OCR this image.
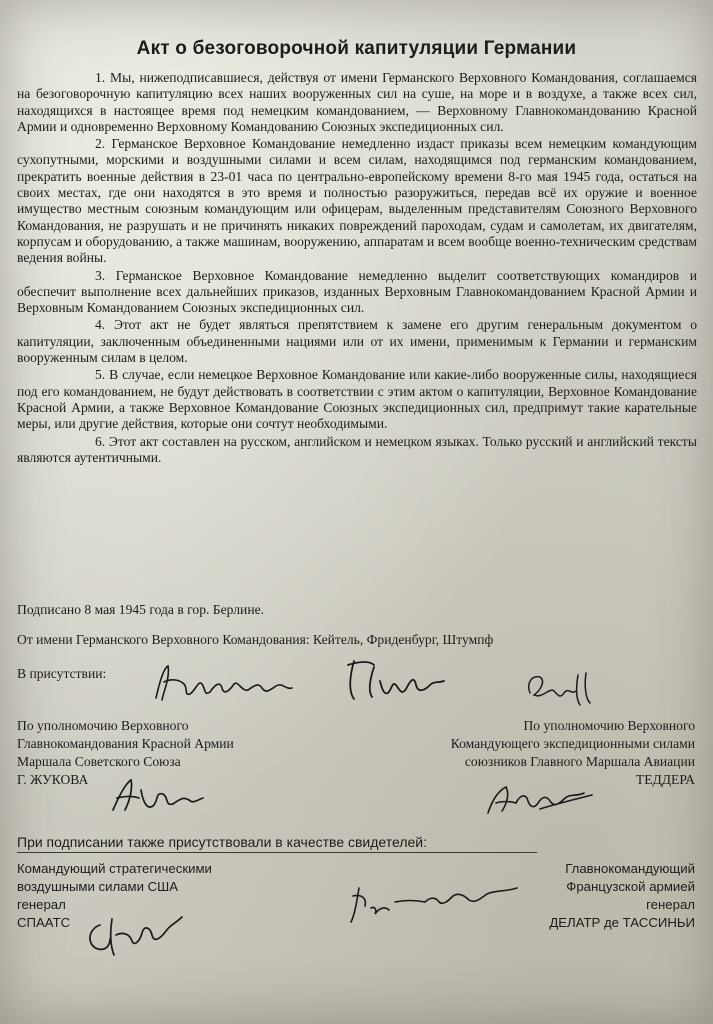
Акт о безоговорочной капитуляции Германии

1. Мы, нижеподписавшиеся, действуя от имени Германского Верховного Командования, соглашаемся на безоговорочную капитуляцию всех наших вооруженных сил на суше, на море и в воздухе, а также всех сил, находящихся в настоящее время под немецким командованием, — Верховному Главнокомандованию Красной Армии и одновременно Верховному Командованию Союзных экспедиционных сил.

2. Германское Верховное Командование немедленно издаст приказы всем немецким командующим сухопутными, морскими и воздушными силами и всем силам, находящимся под германским командованием, прекратить военные действия в 23-01 часа по центрально-европейскому времени 8-го мая 1945 года, остаться на своих местах, где они находятся в это время и полностью разоружиться, передав всё их оружие и военное имущество местным союзным командующим или офицерам, выделенным представителям Союзного Верховного Командования, не разрушать и не причинять никаких повреждений пароходам, судам и самолетам, их двигателям, корпусам и оборудованию, а также машинам, вооружению, аппаратам и всем вообще военно-техническим средствам ведения войны.

3. Германское Верховное Командование немедленно выделит соответствующих командиров и обеспечит выполнение всех дальнейших приказов, изданных Верховным Главнокомандованием Красной Армии и Верховным Командованием Союзных экспедиционных сил.

4. Этот акт не будет являться препятствием к замене его другим генеральным документом о капитуляции, заключенным объединенными нациями или от их имени, применимым к Германии и германским вооруженным силам в целом.

5. В случае, если немецкое Верховное Командование или какие-либо вооруженные силы, находящиеся под его командованием, не будут действовать в соответствии с этим актом о капитуляции, Верховное Командование Красной Армии, а также Верховное Командование Союзных экспедиционных сил, предпримут такие карательные меры, или другие действия, которые они сочтут необходимыми.

6. Этот акт составлен на русском, английском и немецком языках. Только русский и английский тексты являются аутентичными.

Подписано 8 мая 1945 года в гор. Берлине.
От имени Германского Верховного Командования: Кейтель, Фриденбург, Штумпф
В присутствии:
По уполномочию Верховного
Главнокомандования Красной Армии
Маршала Советского Союза
Г. ЖУКОВА
По уполномочию Верховного
Командующего экспедиционными силами
союзников Главного Маршала Авиации
ТЕДДЕРА
При подписании также присутствовали в качестве свидетелей:
Командующий стратегическими
воздушными силами США
генерал
СПААТС
Главнокомандующий
Французской армией
генерал
ДЕЛАТР де ТАССИНЬИ
